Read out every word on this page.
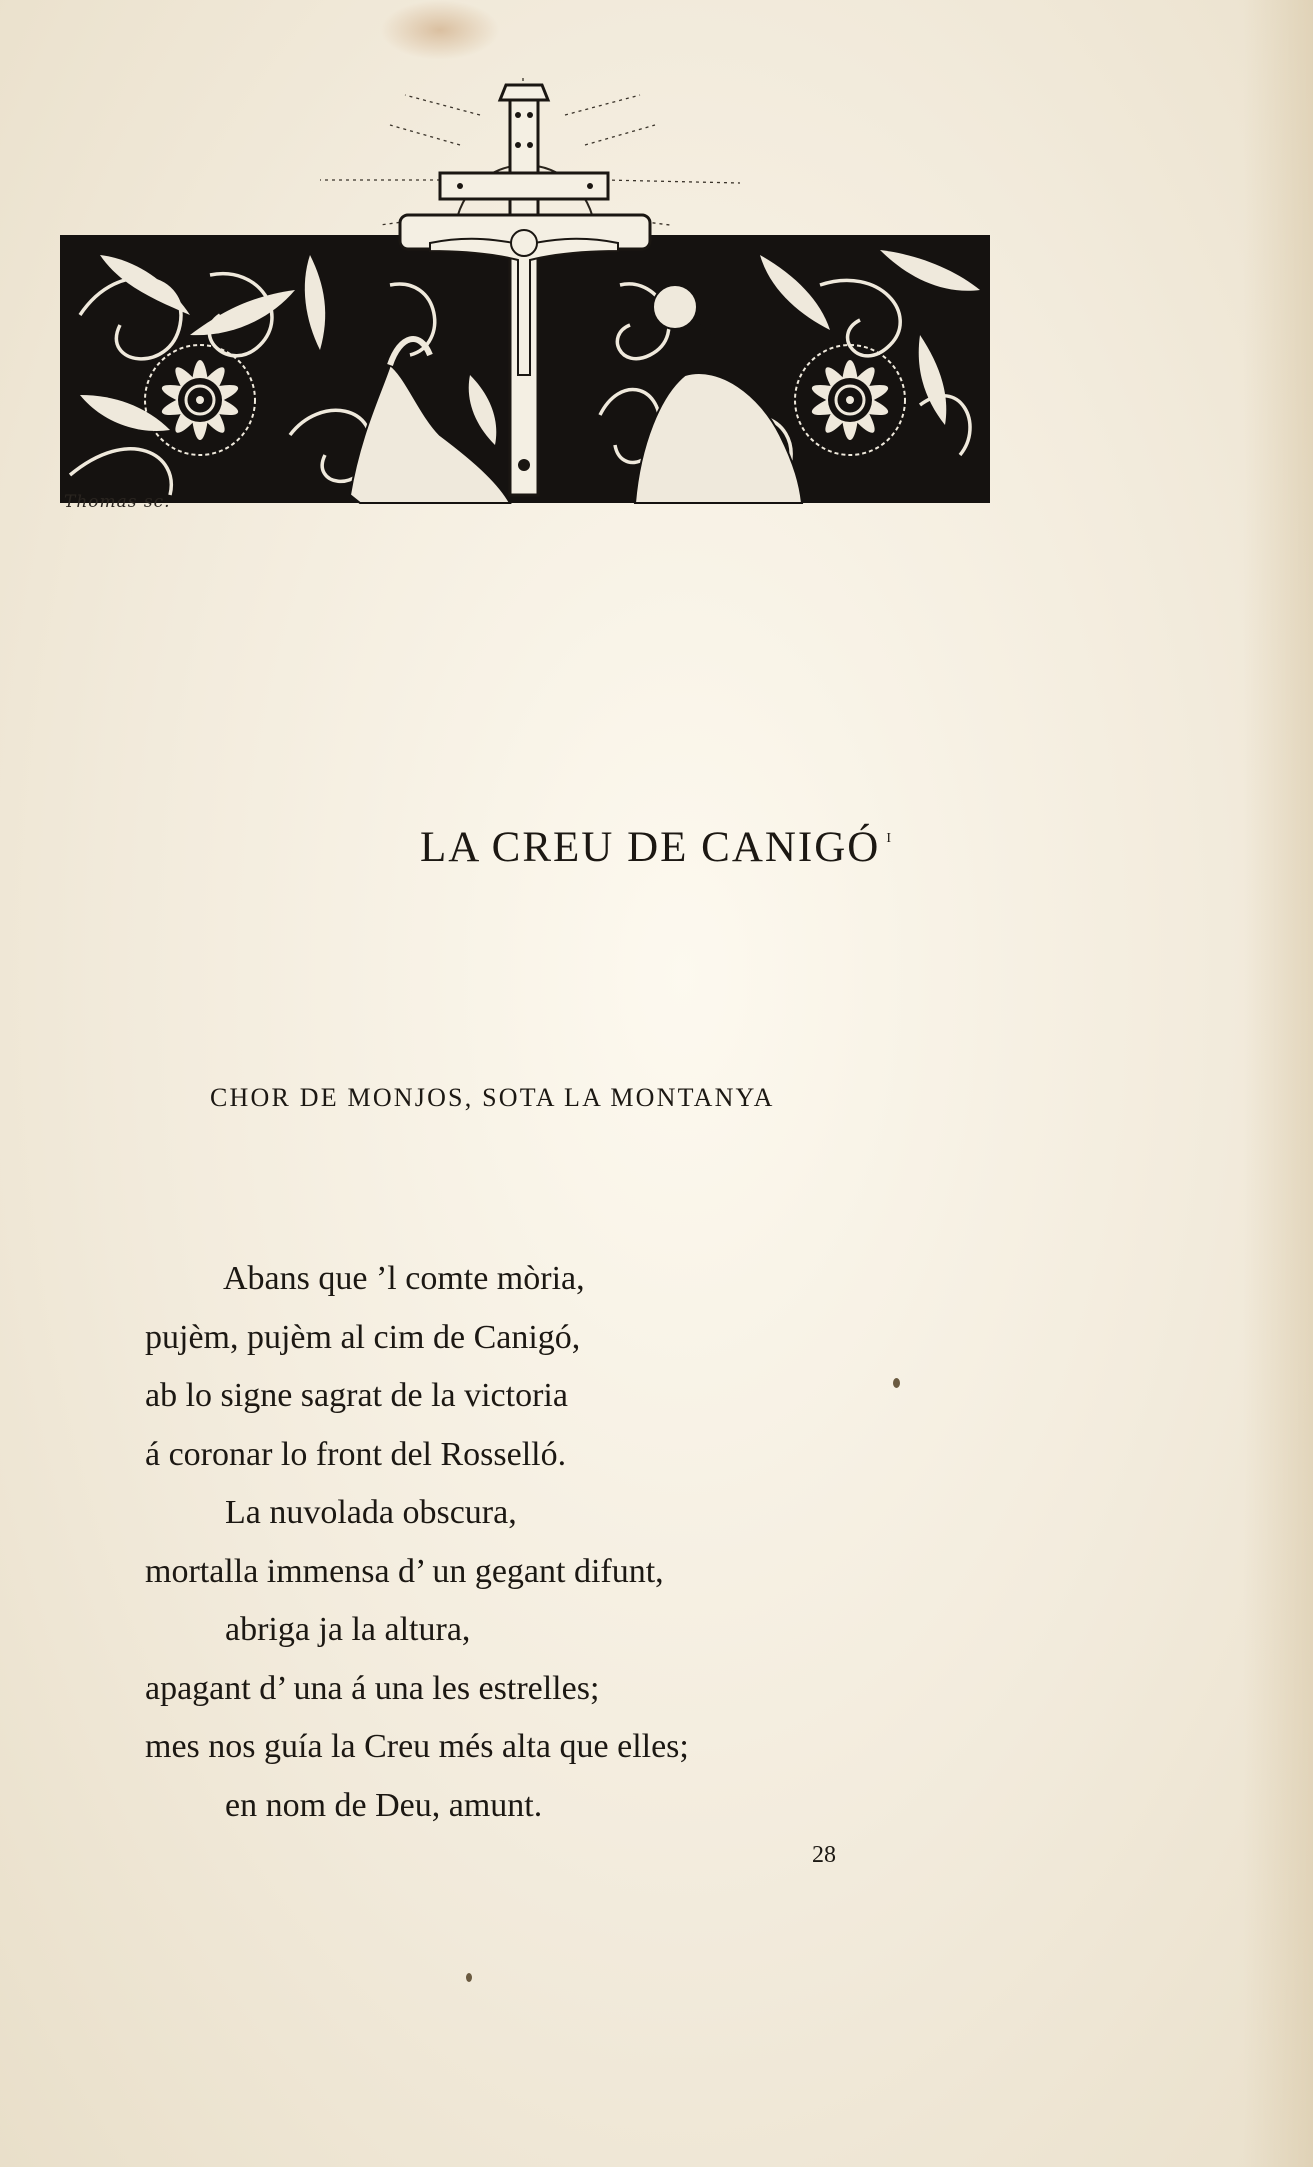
Thomas sc.
LA CREU DE CANIGÓ $^I$
CHOR DE MONJOS, SOTA LA MONTANYA
Abans que ’l comte mòria,
pujèm, pujèm al cim de Canigó,
ab lo signe sagrat de la victoria
á coronar lo front del Rosselló.
La nuvolada obscura,
mortalla immensa d’ un gegant difunt,
abriga ja la altura,
apagant d’ una á una les estrelles;
mes nos guía la Creu més alta que elles;
en nom de Deu, amunt.
28
